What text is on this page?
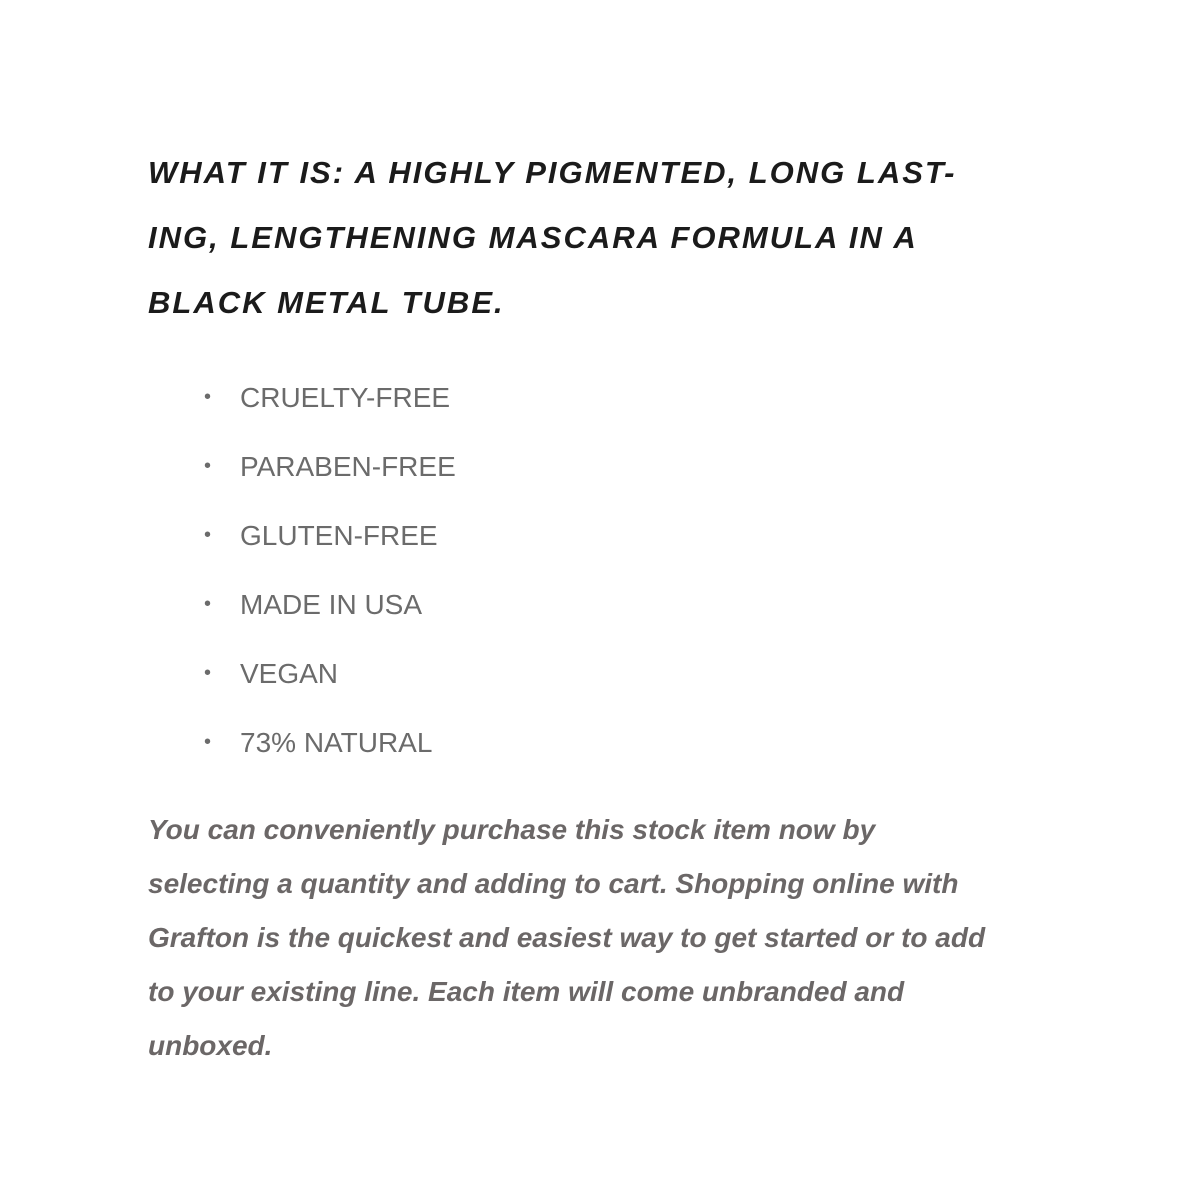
WHAT IT IS: A HIGHLY PIGMENTED, LONG LAST-
ING, LENGTHENING MASCARA FORMULA IN A
BLACK METAL TUBE.
• CRUELTY-FREE
• PARABEN-FREE
• GLUTEN-FREE
• MADE IN USA
• VEGAN
• 73% NATURAL

You can conveniently purchase this stock item now by
selecting a quantity and adding to cart. Shopping online with
Grafton is the quickest and easiest way to get started or to add
to your existing line. Each item will come unbranded and
unboxed.
